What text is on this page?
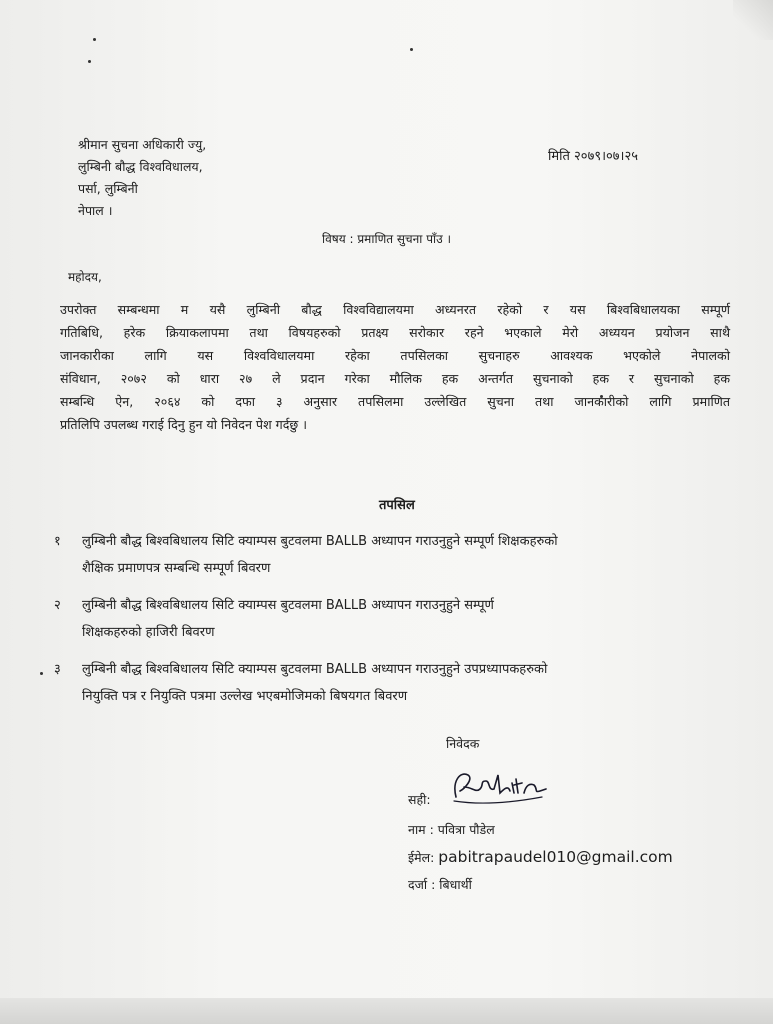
श्रीमान सुचना अधिकारी ज्यु,
लुम्बिनी बौद्ध विश्वविधालय,
पर्सा, लुम्बिनी
नेपाल ।
मिति २०७९।०७।२५
विषय : प्रमाणित सुचना पाँउ ।
महोदय,
उपरोक्त सम्बन्धमा म यसै लुम्बिनी बौद्ध विश्वविद्यालयमा अध्यनरत रहेको र यस बिश्वबिधालयका सम्पूर्ण
गतिबिधि, हरेक क्रियाकलापमा तथा विषयहरुको प्रतक्ष्य सरोकार रहने भएकाले मेरो अध्ययन प्रयोजन साथै
जानकारीका लागि यस विश्वविधालयमा रहेका तपसिलका सुचनाहरु आवश्यक भएकोले नेपालको
संविधान, २०७२ को धारा २७ ले प्रदान गरेका मौलिक हक अन्तर्गत सुचनाको हक र सुचनाको हक
सम्बन्धि ऐन, २०६४ को दफा ३ अनुसार तपसिलमा उल्लेखित सुचना तथा जानकारीको लागि प्रमाणित
प्रतिलिपि उपलब्ध गराई दिनु हुन यो निवेदन पेश गर्दछु ।
तपसिल
१ लुम्बिनी बौद्ध बिश्वबिधालय सिटि क्याम्पस बुटवलमा BALLB अध्यापन गराउनुहुने सम्पूर्ण शिक्षकहरुको
शैक्षिक प्रमाणपत्र सम्बन्धि सम्पूर्ण बिवरण
२ लुम्बिनी बौद्ध बिश्वबिधालय सिटि क्याम्पस बुटवलमा BALLB अध्यापन गराउनुहुने सम्पूर्ण
शिक्षकहरुको हाजिरी बिवरण
३ लुम्बिनी बौद्ध बिश्वबिधालय सिटि क्याम्पस बुटवलमा BALLB अध्यापन गराउनुहुने उपप्रध्यापकहरुको
नियुक्ति पत्र र नियुक्ति पत्रमा उल्लेख भएबमोजिमको बिषयगत बिवरण
निवेदक
सही:
नाम : पवित्रा पौडेल
ईमेल: pabitrapaudel010@gmail.com
दर्जा : बिधार्थी
